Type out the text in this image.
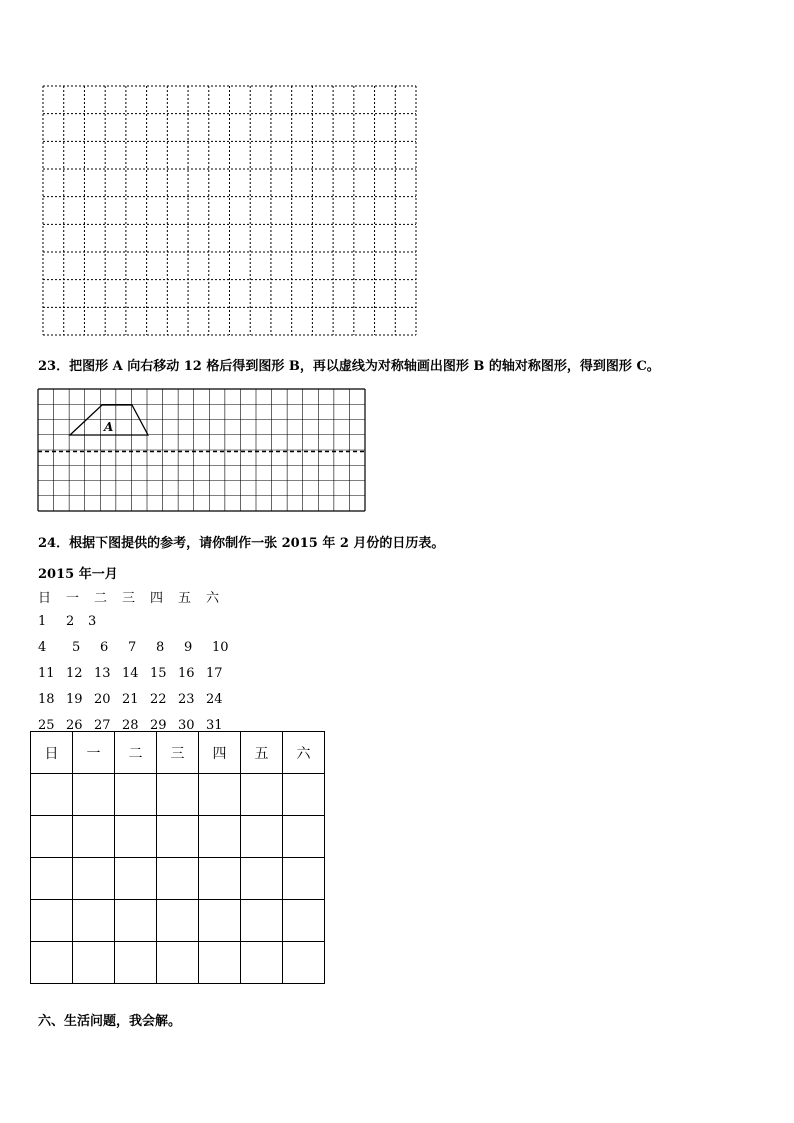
23．把图形 A 向右移动 12 格后得到图形 B，再以虚线为对称轴画出图形 B 的轴对称图形，得到图形 C。
A
24．根据下图提供的参考，请你制作一张 2015 年 2 月份的日历表。
2015 年一月
日 一 二 三 四 五 六
1 2 3
4 5 6 7 8 9 10
11 12 13 14 15 16 17
18 19 20 21 22 23 24
25 26 27 28 29 30 31
日	一	二	三	四	五	六

六、生活问题，我会解。
